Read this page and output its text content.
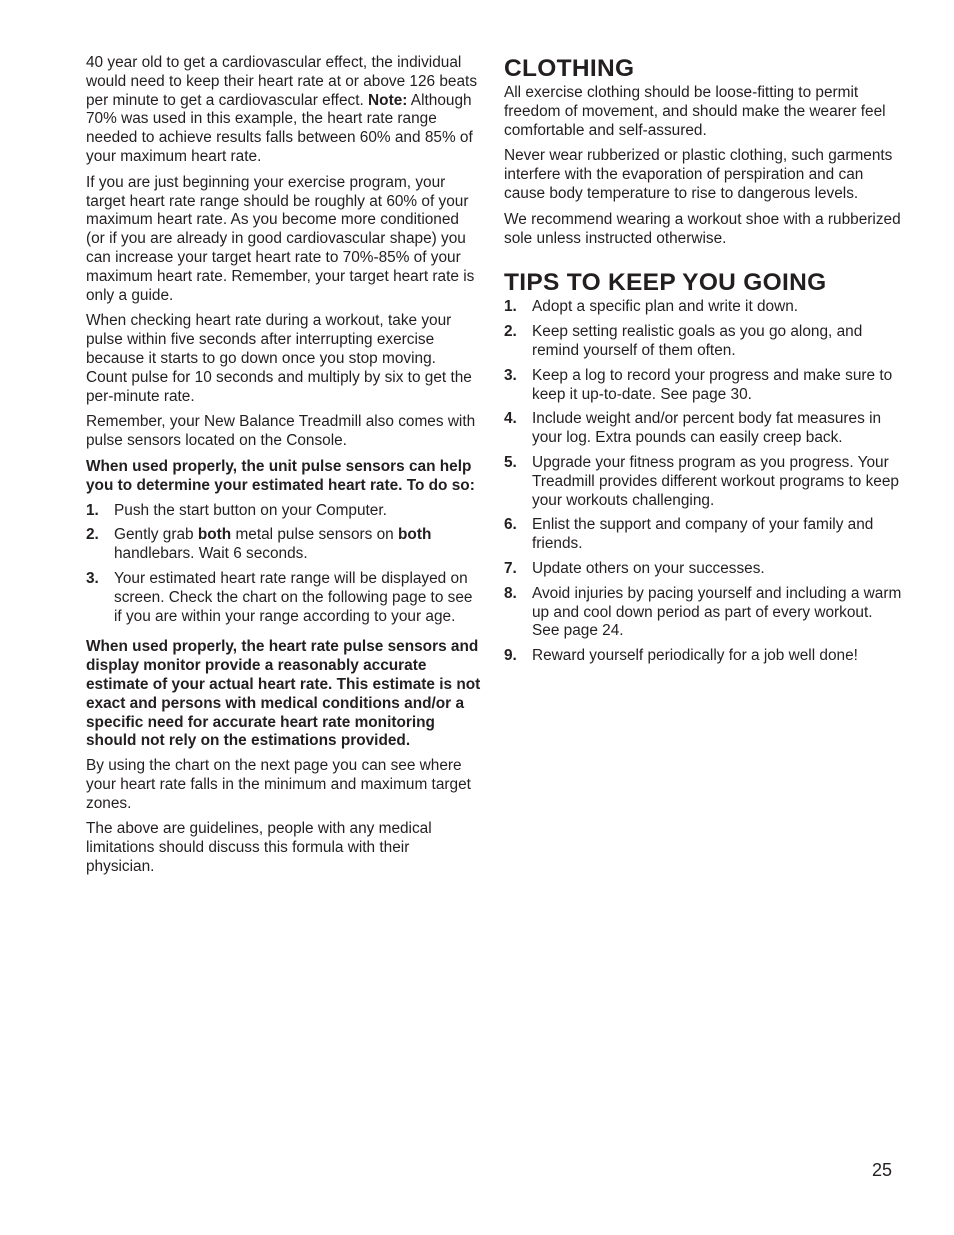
40 year old to get a cardiovascular effect, the individual would need to keep their heart rate at or above 126 beats per minute to get a cardiovascular effect. Note: Although 70% was used in this example, the heart rate range needed to achieve results falls between 60% and 85% of your maximum heart rate.

If you are just beginning your exercise program, your target heart rate range should be roughly at 60% of your maximum heart rate. As you become more conditioned (or if you are already in good cardiovascular shape) you can increase your target heart rate to 70%-85% of your maximum heart rate. Remember, your target heart rate is only a guide.

When checking heart rate during a workout, take your pulse within five seconds after interrupting exercise because it starts to go down once you stop moving. Count pulse for 10 seconds and multiply by six to get the per-minute rate.

Remember, your New Balance Treadmill also comes with pulse sensors located on the Console.

When used properly, the unit pulse sensors can help you to determine your estimated heart rate. To do so:

1. Push the start button on your Computer.
2. Gently grab both metal pulse sensors on both handlebars. Wait 6 seconds.
3. Your estimated heart rate range will be displayed on screen. Check the chart on the following page to see if you are within your range according to your age.

When used properly, the heart rate pulse sensors and display monitor provide a reasonably accurate estimate of your actual heart rate. This estimate is not exact and persons with medical conditions and/or a specific need for accurate heart rate monitoring should not rely on the estimations provided.

By using the chart on the next page you can see where your heart rate falls in the minimum and maximum target zones.

The above are guidelines, people with any medical limitations should discuss this formula with their physician.

CLOTHING

All exercise clothing should be loose-fitting to permit freedom of movement, and should make the wearer feel comfortable and self-assured.

Never wear rubberized or plastic clothing, such garments interfere with the evaporation of perspiration and can cause body temperature to rise to dangerous levels.

We recommend wearing a workout shoe with a rubberized sole unless instructed otherwise.

TIPS TO KEEP YOU GOING
1. Adopt a specific plan and write it down.
2. Keep setting realistic goals as you go along, and remind yourself of them often.
3. Keep a log to record your progress and make sure to keep it up-to-date. See page 30.
4. Include weight and/or percent body fat measures in your log. Extra pounds can easily creep back.
5. Upgrade your fitness program as you progress. Your Treadmill provides different workout programs to keep your workouts challenging.
6. Enlist the support and company of your family and friends.
7. Update others on your successes.
8. Avoid injuries by pacing yourself and including a warm up and cool down period as part of every workout. See page 24.
9. Reward yourself periodically for a job well done!
25
